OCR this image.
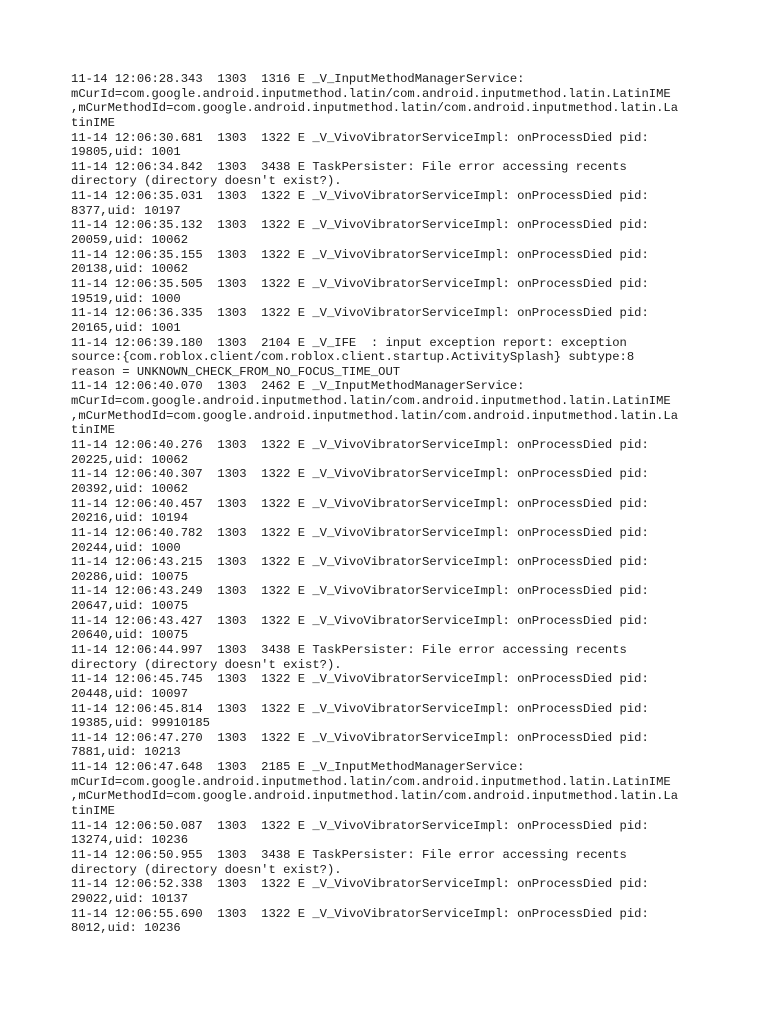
11-14 12:06:28.343  1303  1316 E _V_InputMethodManagerService:
mCurId=com.google.android.inputmethod.latin/com.android.inputmethod.latin.LatinIME
,mCurMethodId=com.google.android.inputmethod.latin/com.android.inputmethod.latin.La
tinIME
11-14 12:06:30.681  1303  1322 E _V_VivoVibratorServiceImpl: onProcessDied pid:
19805,uid: 1001
11-14 12:06:34.842  1303  3438 E TaskPersister: File error accessing recents
directory (directory doesn't exist?).
11-14 12:06:35.031  1303  1322 E _V_VivoVibratorServiceImpl: onProcessDied pid:
8377,uid: 10197
11-14 12:06:35.132  1303  1322 E _V_VivoVibratorServiceImpl: onProcessDied pid:
20059,uid: 10062
11-14 12:06:35.155  1303  1322 E _V_VivoVibratorServiceImpl: onProcessDied pid:
20138,uid: 10062
11-14 12:06:35.505  1303  1322 E _V_VivoVibratorServiceImpl: onProcessDied pid:
19519,uid: 1000
11-14 12:06:36.335  1303  1322 E _V_VivoVibratorServiceImpl: onProcessDied pid:
20165,uid: 1001
11-14 12:06:39.180  1303  2104 E _V_IFE  : input exception report: exception
source:{com.roblox.client/com.roblox.client.startup.ActivitySplash} subtype:8
reason = UNKNOWN_CHECK_FROM_NO_FOCUS_TIME_OUT
11-14 12:06:40.070  1303  2462 E _V_InputMethodManagerService:
mCurId=com.google.android.inputmethod.latin/com.android.inputmethod.latin.LatinIME
,mCurMethodId=com.google.android.inputmethod.latin/com.android.inputmethod.latin.La
tinIME
11-14 12:06:40.276  1303  1322 E _V_VivoVibratorServiceImpl: onProcessDied pid:
20225,uid: 10062
11-14 12:06:40.307  1303  1322 E _V_VivoVibratorServiceImpl: onProcessDied pid:
20392,uid: 10062
11-14 12:06:40.457  1303  1322 E _V_VivoVibratorServiceImpl: onProcessDied pid:
20216,uid: 10194
11-14 12:06:40.782  1303  1322 E _V_VivoVibratorServiceImpl: onProcessDied pid:
20244,uid: 1000
11-14 12:06:43.215  1303  1322 E _V_VivoVibratorServiceImpl: onProcessDied pid:
20286,uid: 10075
11-14 12:06:43.249  1303  1322 E _V_VivoVibratorServiceImpl: onProcessDied pid:
20647,uid: 10075
11-14 12:06:43.427  1303  1322 E _V_VivoVibratorServiceImpl: onProcessDied pid:
20640,uid: 10075
11-14 12:06:44.997  1303  3438 E TaskPersister: File error accessing recents
directory (directory doesn't exist?).
11-14 12:06:45.745  1303  1322 E _V_VivoVibratorServiceImpl: onProcessDied pid:
20448,uid: 10097
11-14 12:06:45.814  1303  1322 E _V_VivoVibratorServiceImpl: onProcessDied pid:
19385,uid: 99910185
11-14 12:06:47.270  1303  1322 E _V_VivoVibratorServiceImpl: onProcessDied pid:
7881,uid: 10213
11-14 12:06:47.648  1303  2185 E _V_InputMethodManagerService:
mCurId=com.google.android.inputmethod.latin/com.android.inputmethod.latin.LatinIME
,mCurMethodId=com.google.android.inputmethod.latin/com.android.inputmethod.latin.La
tinIME
11-14 12:06:50.087  1303  1322 E _V_VivoVibratorServiceImpl: onProcessDied pid:
13274,uid: 10236
11-14 12:06:50.955  1303  3438 E TaskPersister: File error accessing recents
directory (directory doesn't exist?).
11-14 12:06:52.338  1303  1322 E _V_VivoVibratorServiceImpl: onProcessDied pid:
29022,uid: 10137
11-14 12:06:55.690  1303  1322 E _V_VivoVibratorServiceImpl: onProcessDied pid:
8012,uid: 10236
